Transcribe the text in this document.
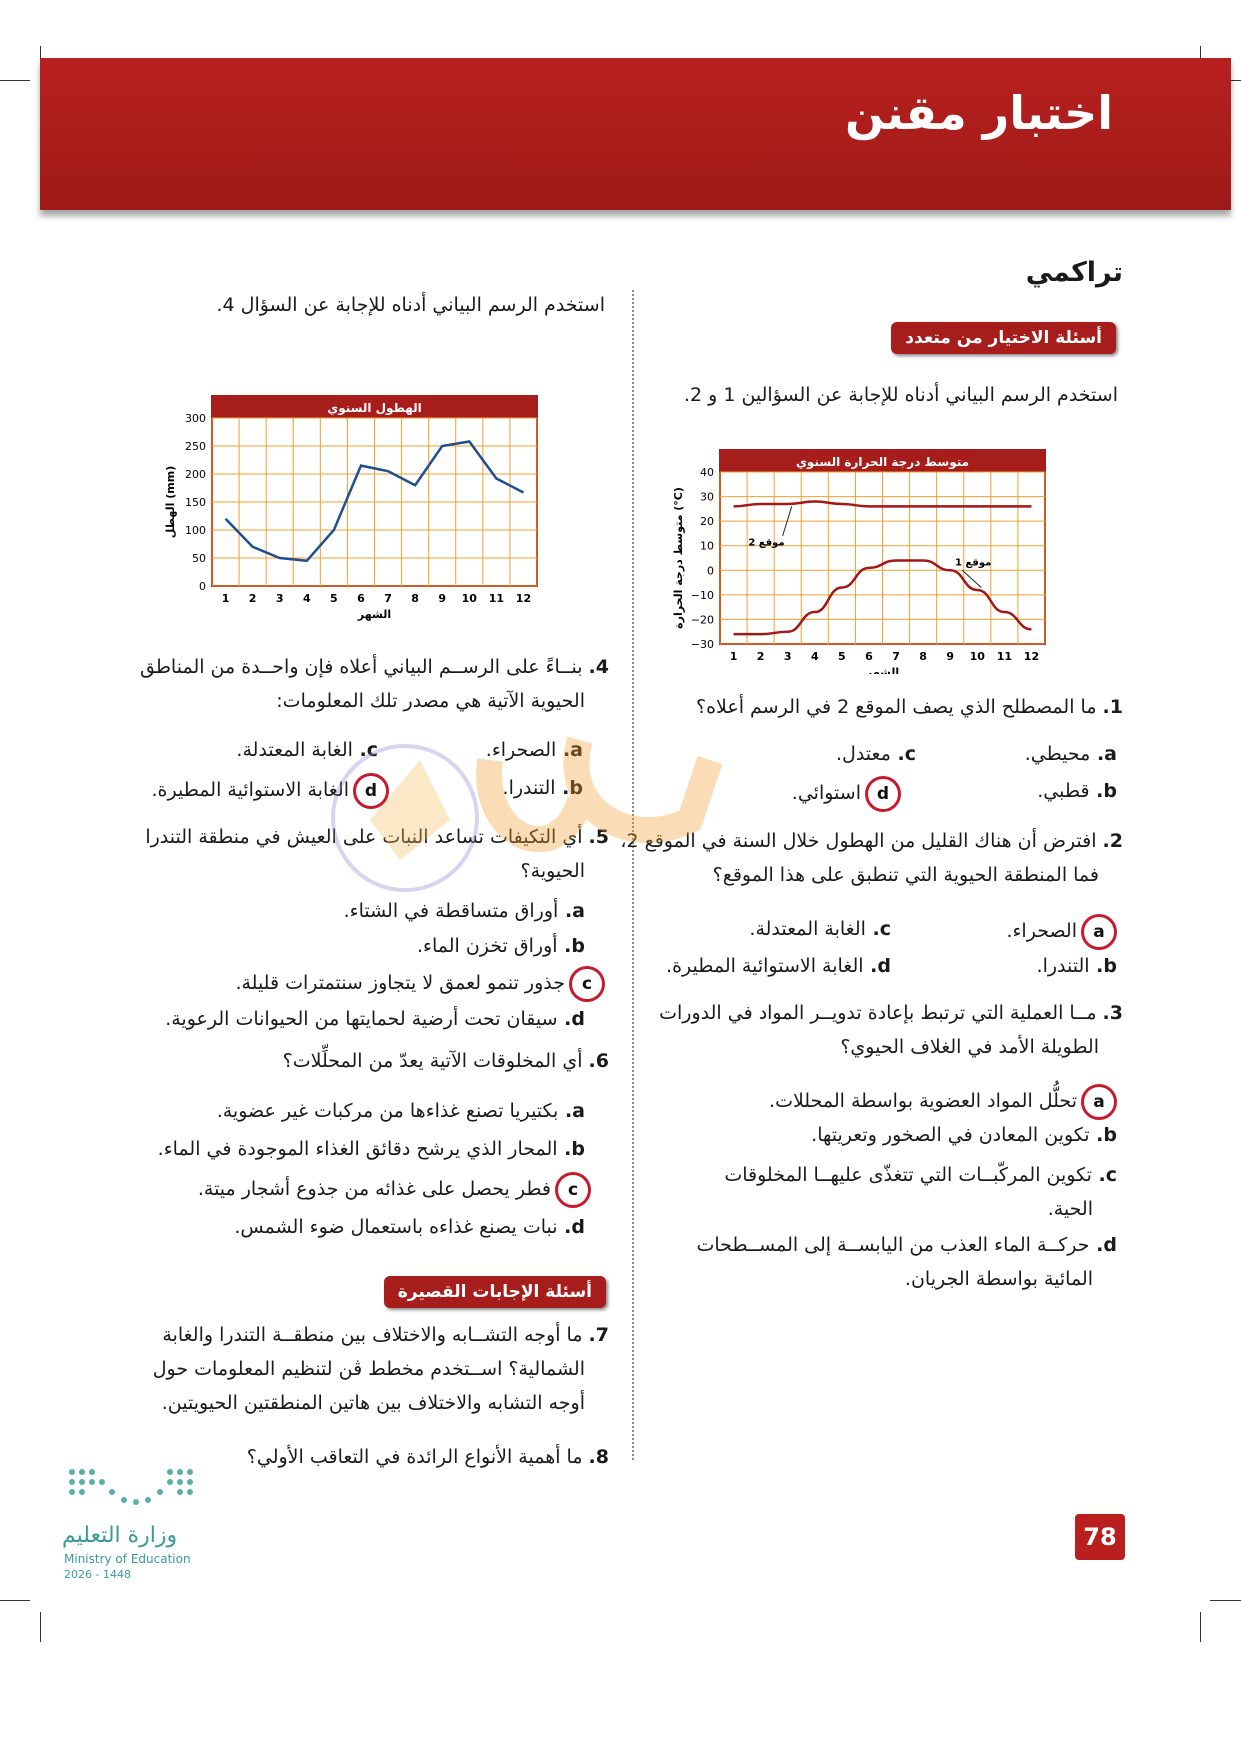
اختبار مقنن
تراكمي
أسئلة الاختيار من متعدد
استخدم الرسم البياني أدناه للإجابة عن السؤالين 1 و 2.
متوسط درجة الحرارة السنوي
40
30
20
10
0
−10
−20
−30
1 2 3 4 5 6 7 8 9 10 11 12
الشهر
متوسط درجة الحرارة (°C)
موقع 2
موقع 1
1. ما المصطلح الذي يصف الموقع 2 في الرسم أعلاه؟
a. محيطي.
c. معتدل.
b. قطبي.
dاستوائي.
2. افترض أن هناك القليل من الهطول خلال السنة في الموقع 2،
فما المنطقة الحيوية التي تنطبق على هذا الموقع؟
aالصحراء.
c. الغابة المعتدلة.
b. التندرا.
d. الغابة الاستوائية المطيرة.
3. مــا العملية التي ترتبط بإعادة تدويــر المواد في الدورات
الطويلة الأمد في الغلاف الحيوي؟
aتحلُّل المواد العضوية بواسطة المحللات.
b. تكوين المعادن في الصخور وتعريتها.
c. تكوين المركّبــات التي تتغذّى عليهــا المخلوقات
الحية.
d. حركــة الماء العذب من اليابســة إلى المســطحات
المائية بواسطة الجريان.
استخدم الرسم البياني أدناه للإجابة عن السؤال 4.
الهطول السنوي
300
250
200
150
100
50
0
1 2 3 4 5 6 7 8 9 10 11 12
الشهر
الهطل (mm)
4. بنــاءً على الرســم البياني أعلاه فإن واحــدة من المناطق
الحيوية الآتية هي مصدر تلك المعلومات:
a. الصحراء.
c. الغابة المعتدلة.
b. التندرا.
dالغابة الاستوائية المطيرة.
5. أي التكيفات تساعد النبات على العيش في منطقة التندرا
الحيوية؟
a. أوراق متساقطة في الشتاء.
b. أوراق تخزن الماء.
cجذور تنمو لعمق لا يتجاوز سنتمترات قليلة.
d. سيقان تحت أرضية لحمايتها من الحيوانات الرعوية.
6. أي المخلوقات الآتية يعدّ من المحلِّلات؟
a. بكتيريا تصنع غذاءها من مركبات غير عضوية.
b. المحار الذي يرشح دقائق الغذاء الموجودة في الماء.
cفطر يحصل على غذائه من جذوع أشجار ميتة.
d. نبات يصنع غذاءه باستعمال ضوء الشمس.
أسئلة الإجابات القصيرة
7. ما أوجه التشــابه والاختلاف بين منطقــة التندرا والغابة
الشمالية؟ اســتخدم مخطط ڤن لتنظيم المعلومات حول
أوجه التشابه والاختلاف بين هاتين المنطقتين الحيويتين.
8. ما أهمية الأنواع الرائدة في التعاقب الأولي؟
وزارة التعليم
Ministry of Education
2026 - 1448
78
